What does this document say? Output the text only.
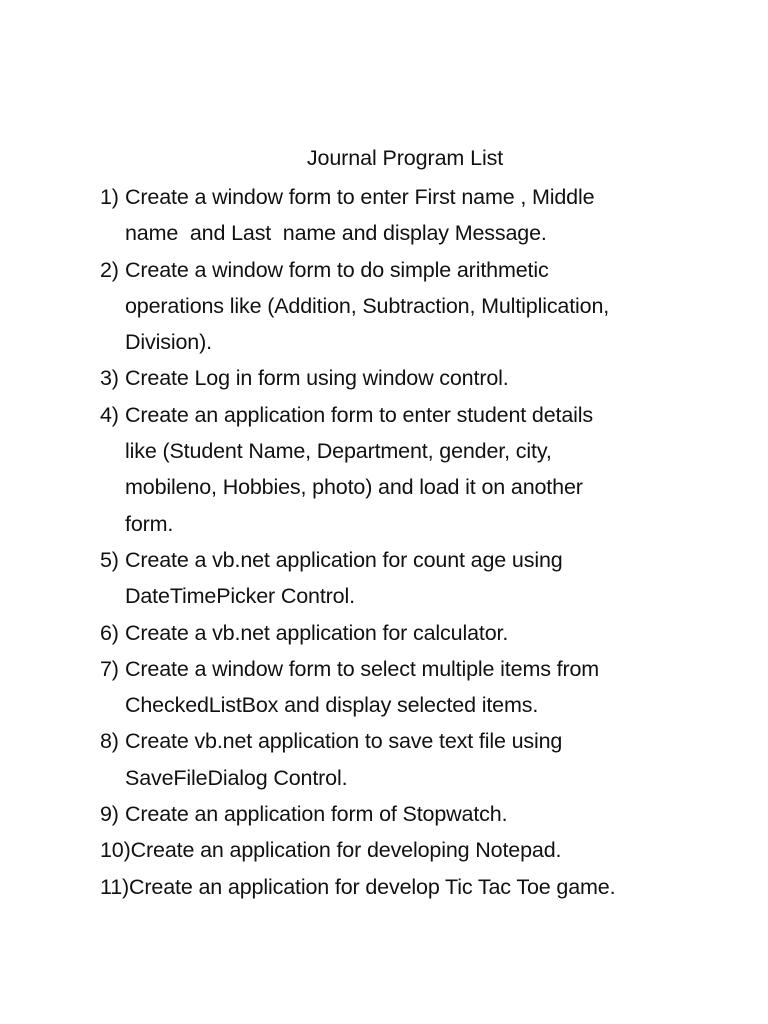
Journal Program List
1) Create a window form to enter First name , Middle
name  and Last  name and display Message.
2) Create a window form to do simple arithmetic
operations like (Addition, Subtraction, Multiplication,
Division).
3) Create Log in form using window control.
4) Create an application form to enter student details
like (Student Name, Department, gender, city,
mobileno, Hobbies, photo) and load it on another
form.
5) Create a vb.net application for count age using
DateTimePicker Control.
6) Create a vb.net application for calculator.
7) Create a window form to select multiple items from
CheckedListBox and display selected items.
8) Create vb.net application to save text file using
SaveFileDialog Control.
9) Create an application form of Stopwatch.
10) Create an application for developing Notepad.
11) Create an application for develop Tic Tac Toe game.
